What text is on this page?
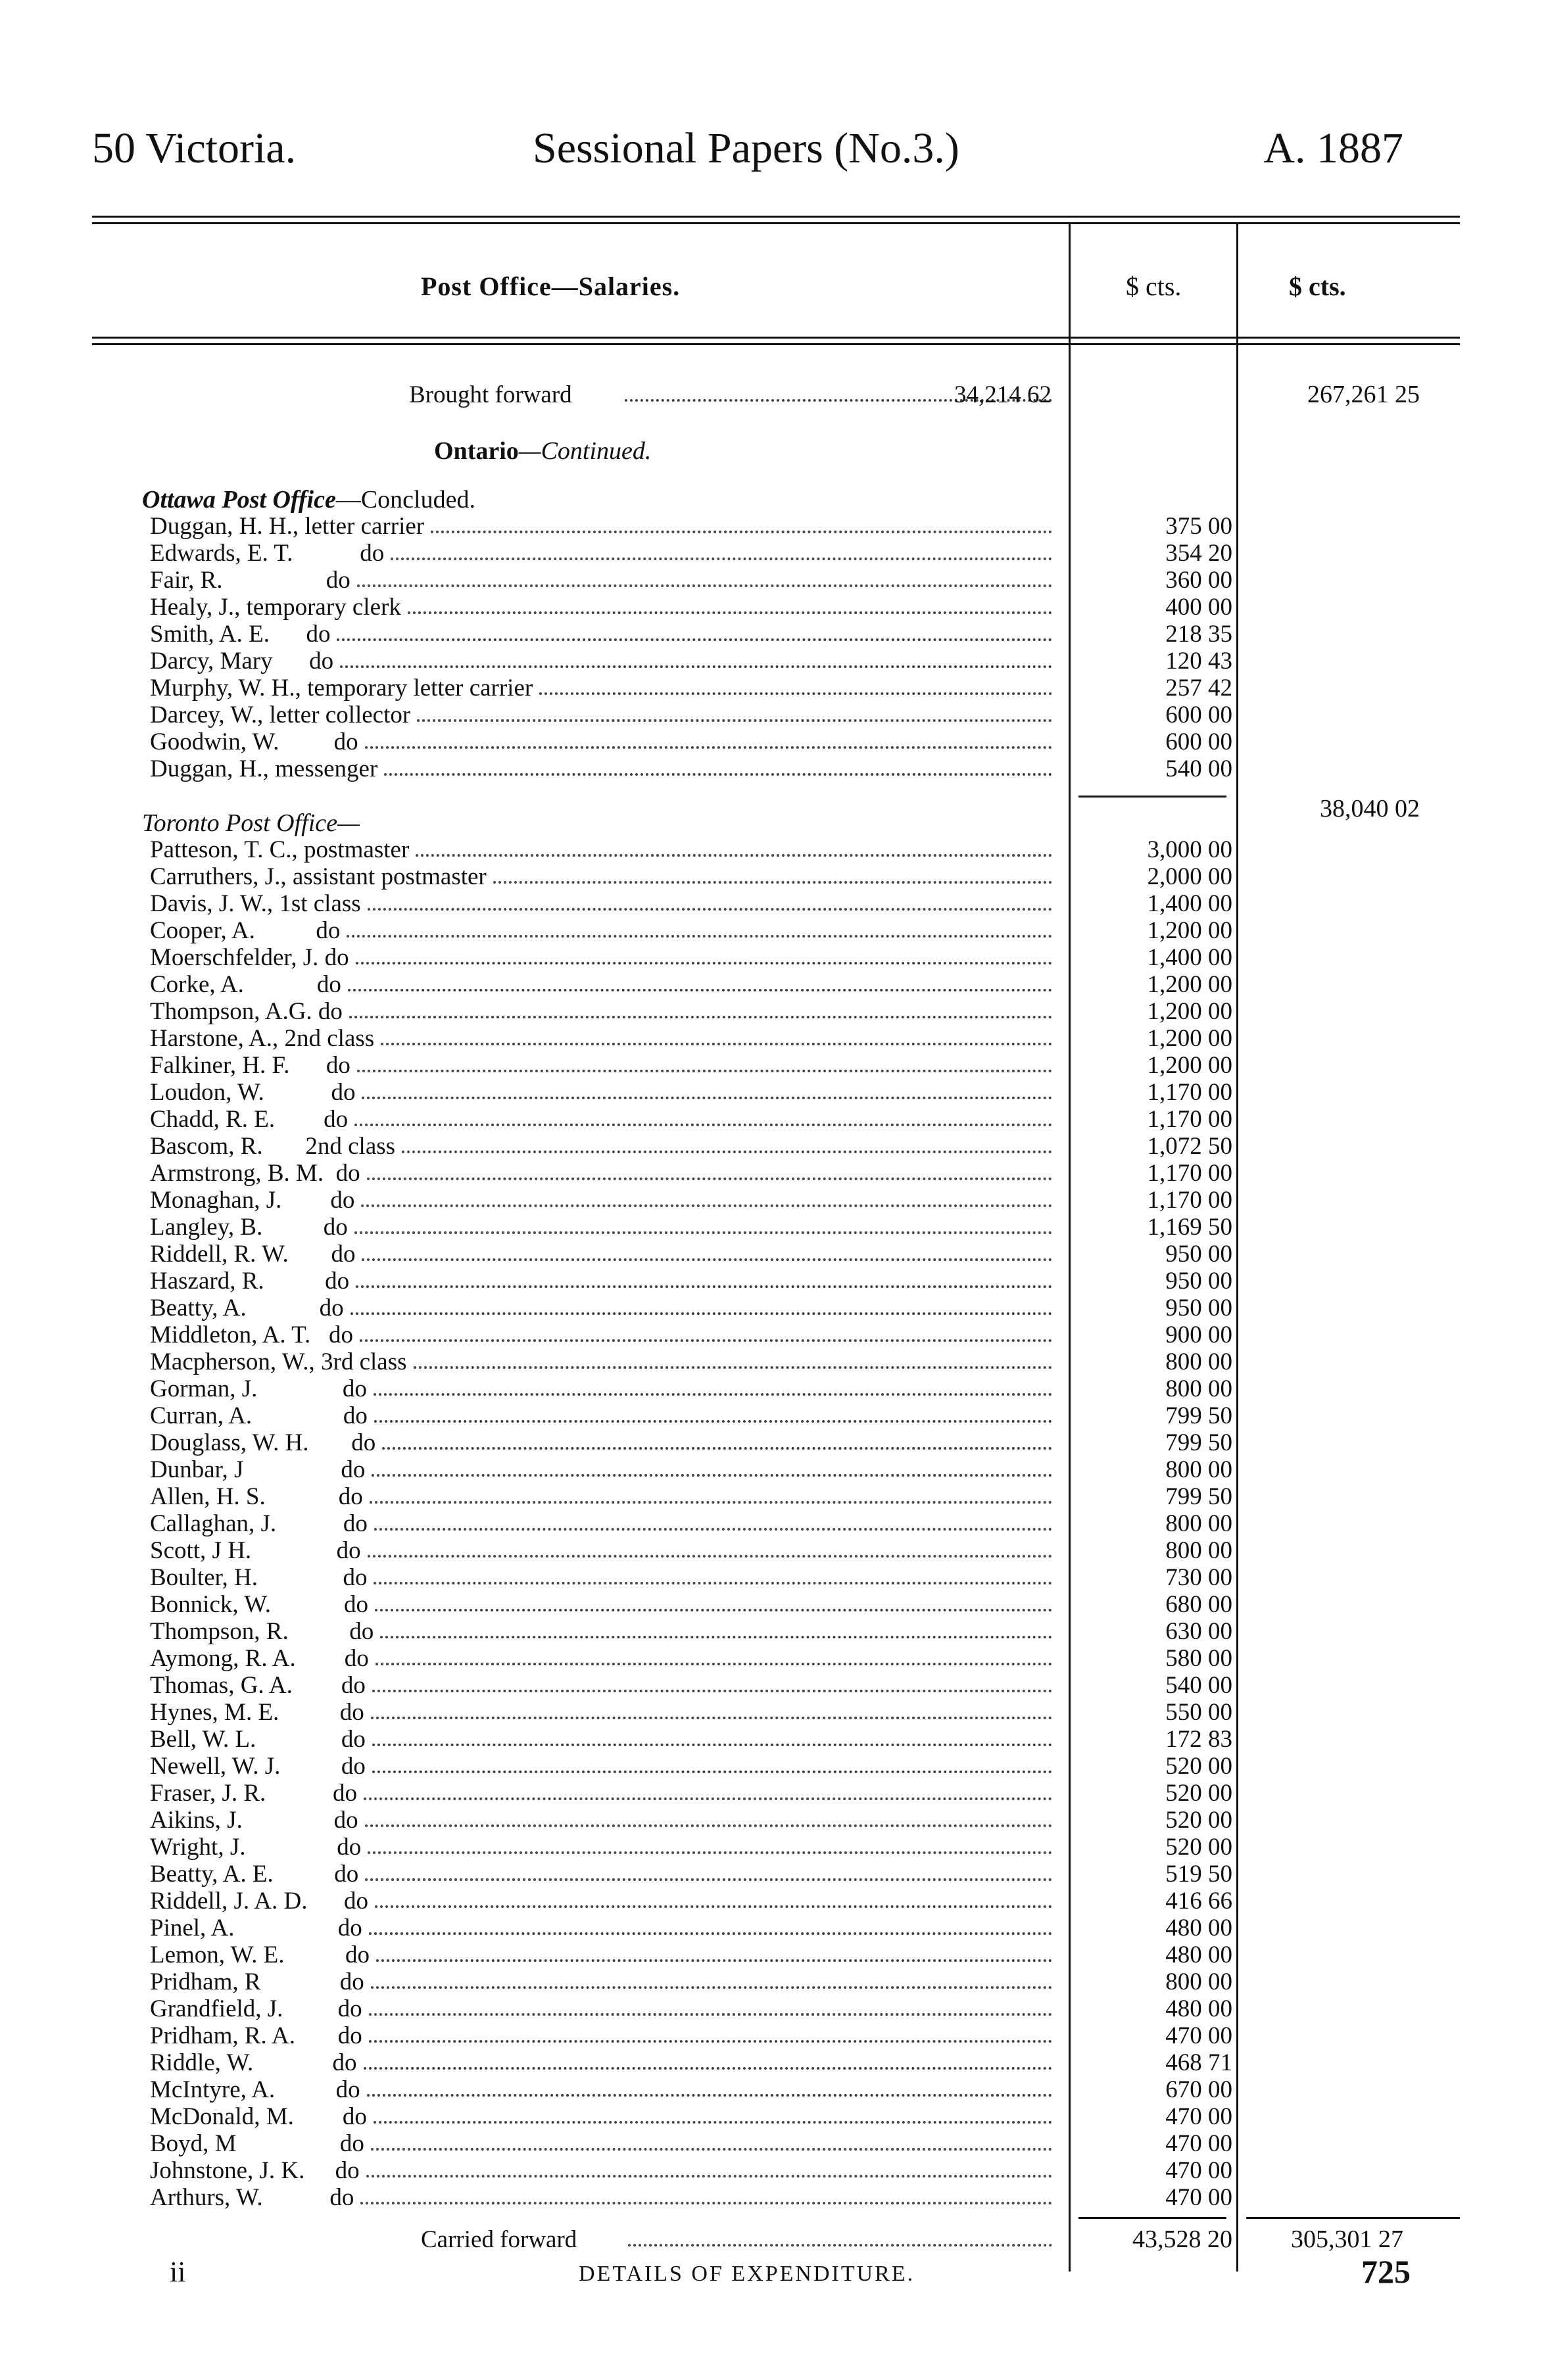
50 Victoria.	Sessional Papers (No.3.)	A. 1887
Post Office—Salaries.	$ cts.	$ cts.
Brought forward	34,214 62	267,261 25
Ontario—Continued.
Ottawa Post Office—Concluded.
Duggan, H. H., letter carrier	375 00
Edwards, E. T.           do	354 20
Fair, R.                 do	360 00
Healy, J., temporary clerk	400 00
Smith, A. E.      do	218 35
Darcy, Mary      do	120 43
Murphy, W. H., temporary letter carrier	257 42
Darcey, W., letter collector	600 00
Goodwin, W.         do	600 00
Duggan, H., messenger	540 00
38,040 02
Toronto Post Office—
Patteson, T. C., postmaster	3,000 00
Carruthers, J., assistant postmaster	2,000 00
Davis, J. W., 1st class	1,400 00
Cooper, A.          do	1,200 00
Moerschfelder, J. do	1,400 00
Corke, A.            do	1,200 00
Thompson, A.G. do	1,200 00
Harstone, A., 2nd class	1,200 00
Falkiner, H. F.      do	1,200 00
Loudon, W.           do	1,170 00
Chadd, R. E.        do	1,170 00
Bascom, R.       2nd class	1,072 50
Armstrong, B. M.  do	1,170 00
Monaghan, J.        do	1,170 00
Langley, B.          do	1,169 50
Riddell, R. W.       do	950 00
Haszard, R.          do	950 00
Beatty, A.            do	950 00
Middleton, A. T.   do	900 00
Macpherson, W., 3rd class	800 00
Gorman, J.              do	800 00
Curran, A.               do	799 50
Douglass, W. H.       do	799 50
Dunbar, J                do	800 00
Allen, H. S.            do	799 50
Callaghan, J.           do	800 00
Scott, J H.              do	800 00
Boulter, H.              do	730 00
Bonnick, W.            do	680 00
Thompson, R.          do	630 00
Aymong, R. A.        do	580 00
Thomas, G. A.        do	540 00
Hynes, M. E.          do	550 00
Bell, W. L.              do	172 83
Newell, W. J.          do	520 00
Fraser, J. R.           do	520 00
Aikins, J.               do	520 00
Wright, J.               do	520 00
Beatty, A. E.          do	519 50
Riddell, J. A. D.      do	416 66
Pinel, A.                 do	480 00
Lemon, W. E.          do	480 00
Pridham, R             do	800 00
Grandfield, J.         do	480 00
Pridham, R. A.       do	470 00
Riddle, W.             do	468 71
McIntyre, A.          do	670 00
McDonald, M.        do	470 00
Boyd, M                 do	470 00
Johnstone, J. K.     do	470 00
Arthurs, W.           do	470 00
Carried forward	43,528 20 305,301 27
ii	DETAILS OF EXPENDITURE.	725
